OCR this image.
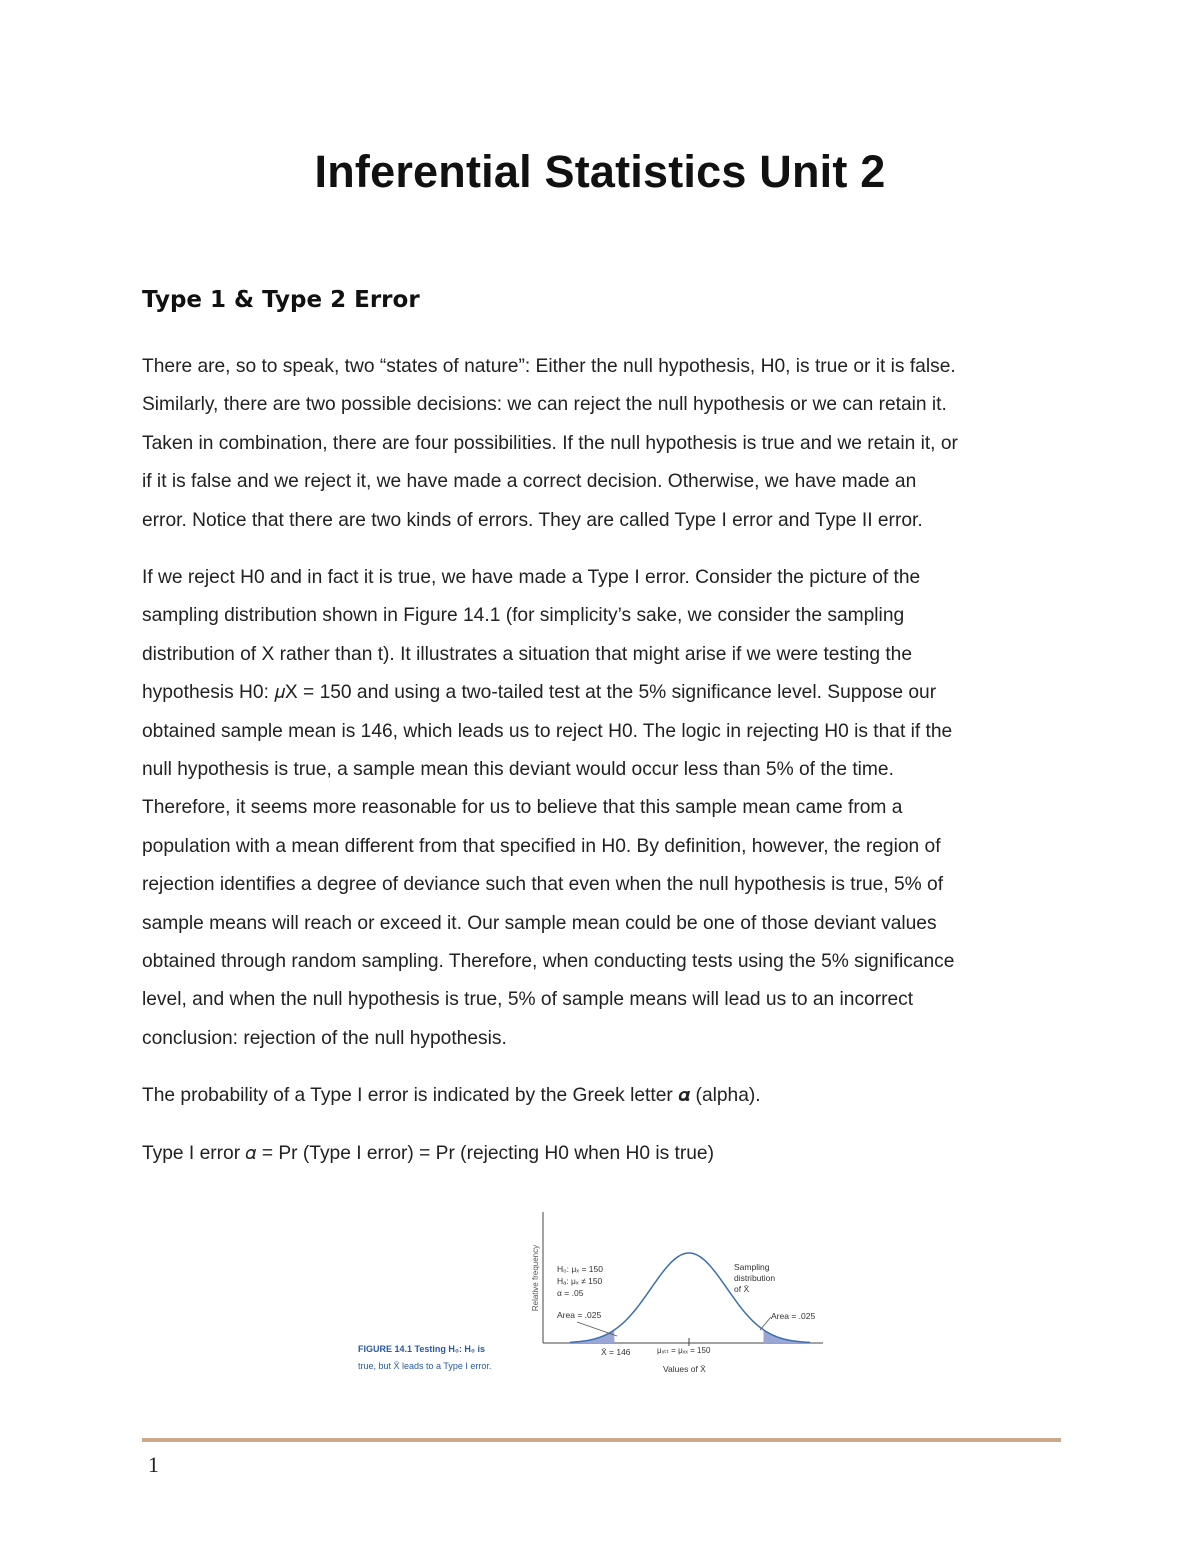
Inferential Statistics Unit 2
Type 1 & Type 2 Error

There are, so to speak, two “states of nature”: Either the null hypothesis, H0, is true or it is false.
Similarly, there are two possible decisions: we can reject the null hypothesis or we can retain it.
Taken in combination, there are four possibilities. If the null hypothesis is true and we retain it, or
if it is false and we reject it, we have made a correct decision. Otherwise, we have made an
error. Notice that there are two kinds of errors. They are called Type I error and Type II error.

If we reject H0 and in fact it is true, we have made a Type I error. Consider the picture of the
sampling distribution shown in Figure 14.1 (for simplicity’s sake, we consider the sampling
distribution of X rather than t). It illustrates a situation that might arise if we were testing the
hypothesis H0: 𝜇X = 150 and using a two-tailed test at the 5% significance level. Suppose our
obtained sample mean is 146, which leads us to reject H0. The logic in rejecting H0 is that if the
null hypothesis is true, a sample mean this deviant would occur less than 5% of the time.
Therefore, it seems more reasonable for us to believe that this sample mean came from a
population with a mean different from that specified in H0. By definition, however, the region of
rejection identifies a degree of deviance such that even when the null hypothesis is true, 5% of
sample means will reach or exceed it. Our sample mean could be one of those deviant values
obtained through random sampling. Therefore, when conducting tests using the 5% significance
level, and when the null hypothesis is true, 5% of sample means will lead us to an incorrect
conclusion: rejection of the null hypothesis.

The probability of a Type I error is indicated by the Greek letter 𝜶 (alpha).

Type I error 𝛼 = Pr (Type I error) = Pr (rejecting H0 when H0 is true)

Relative frequency H₀: μₓ = 150
Hₐ: μₓ ≠ 150
α = .05
Sampling
distribution
of X̄
Area = .025	Area = .025
X̄ = 146	μₓₜₜ = μₓₓ = 150
Values of X̄
FIGURE 14.1 Testing H₀: H₀ is
true, but X̄ leads to a Type I error.
1
